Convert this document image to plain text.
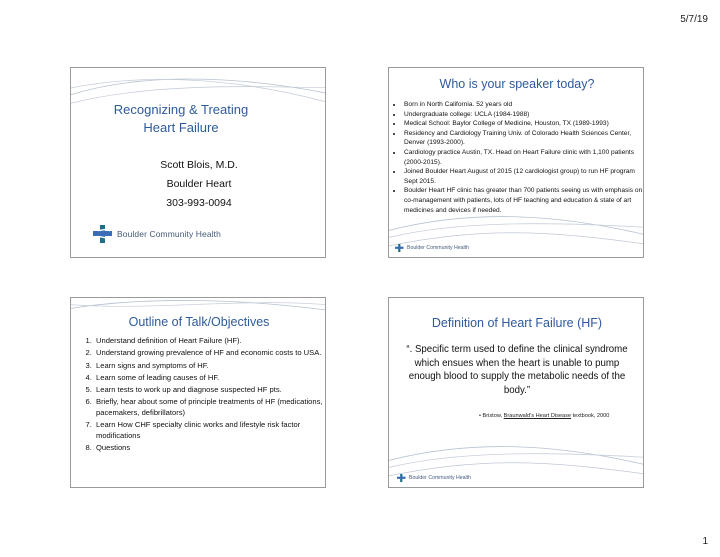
5/7/19
Recognizing & Treating
Heart Failure
Scott Blois, M.D.
Boulder Heart
303-993-0094
Boulder Community Health
Who is your speaker today?
• Born in North California. 52 years old
• Undergraduate college: UCLA (1984-1988)
• Medical School: Baylor College of Medicine, Houston, TX (1989-1993)
• Residency and Cardiology Training Univ. of Colorado Health Sciences Center, Denver (1993-2000).
• Cardiology practice Austin, TX. Head on Heart Failure clinic with 1,100 patients (2000-2015).
• Joined Boulder Heart August of 2015 (12 cardiologist group) to run HF program Sept 2015.
• Boulder Heart HF clinic has greater than 700 patients seeing us with emphasis on co-management with patients, lots of HF teaching and education & state of art medicines and devices if needed.
Boulder Community Health
Outline of Talk/Objectives
1. Understand definition of Heart Failure (HF).
2. Understand growing prevalence of HF and economic costs to USA.
3. Learn signs and symptoms of HF.
4. Learn some of leading causes of HF.
5. Learn tests to work up and diagnose suspected HF pts.
6. Briefly, hear about some of principle treatments of HF (medications, pacemakers, defibrillators)
7. Learn How CHF specialty clinic works and lifestyle risk factor modifications
8. Questions
Definition of Heart Failure (HF)
“. Specific term used to define the clinical syndrome which ensues when the heart is unable to pump enough blood to supply the metabolic needs of the body.”
• Bristow, Braunwald’s Heart Disease textbook, 2000
Boulder Community Health
1
